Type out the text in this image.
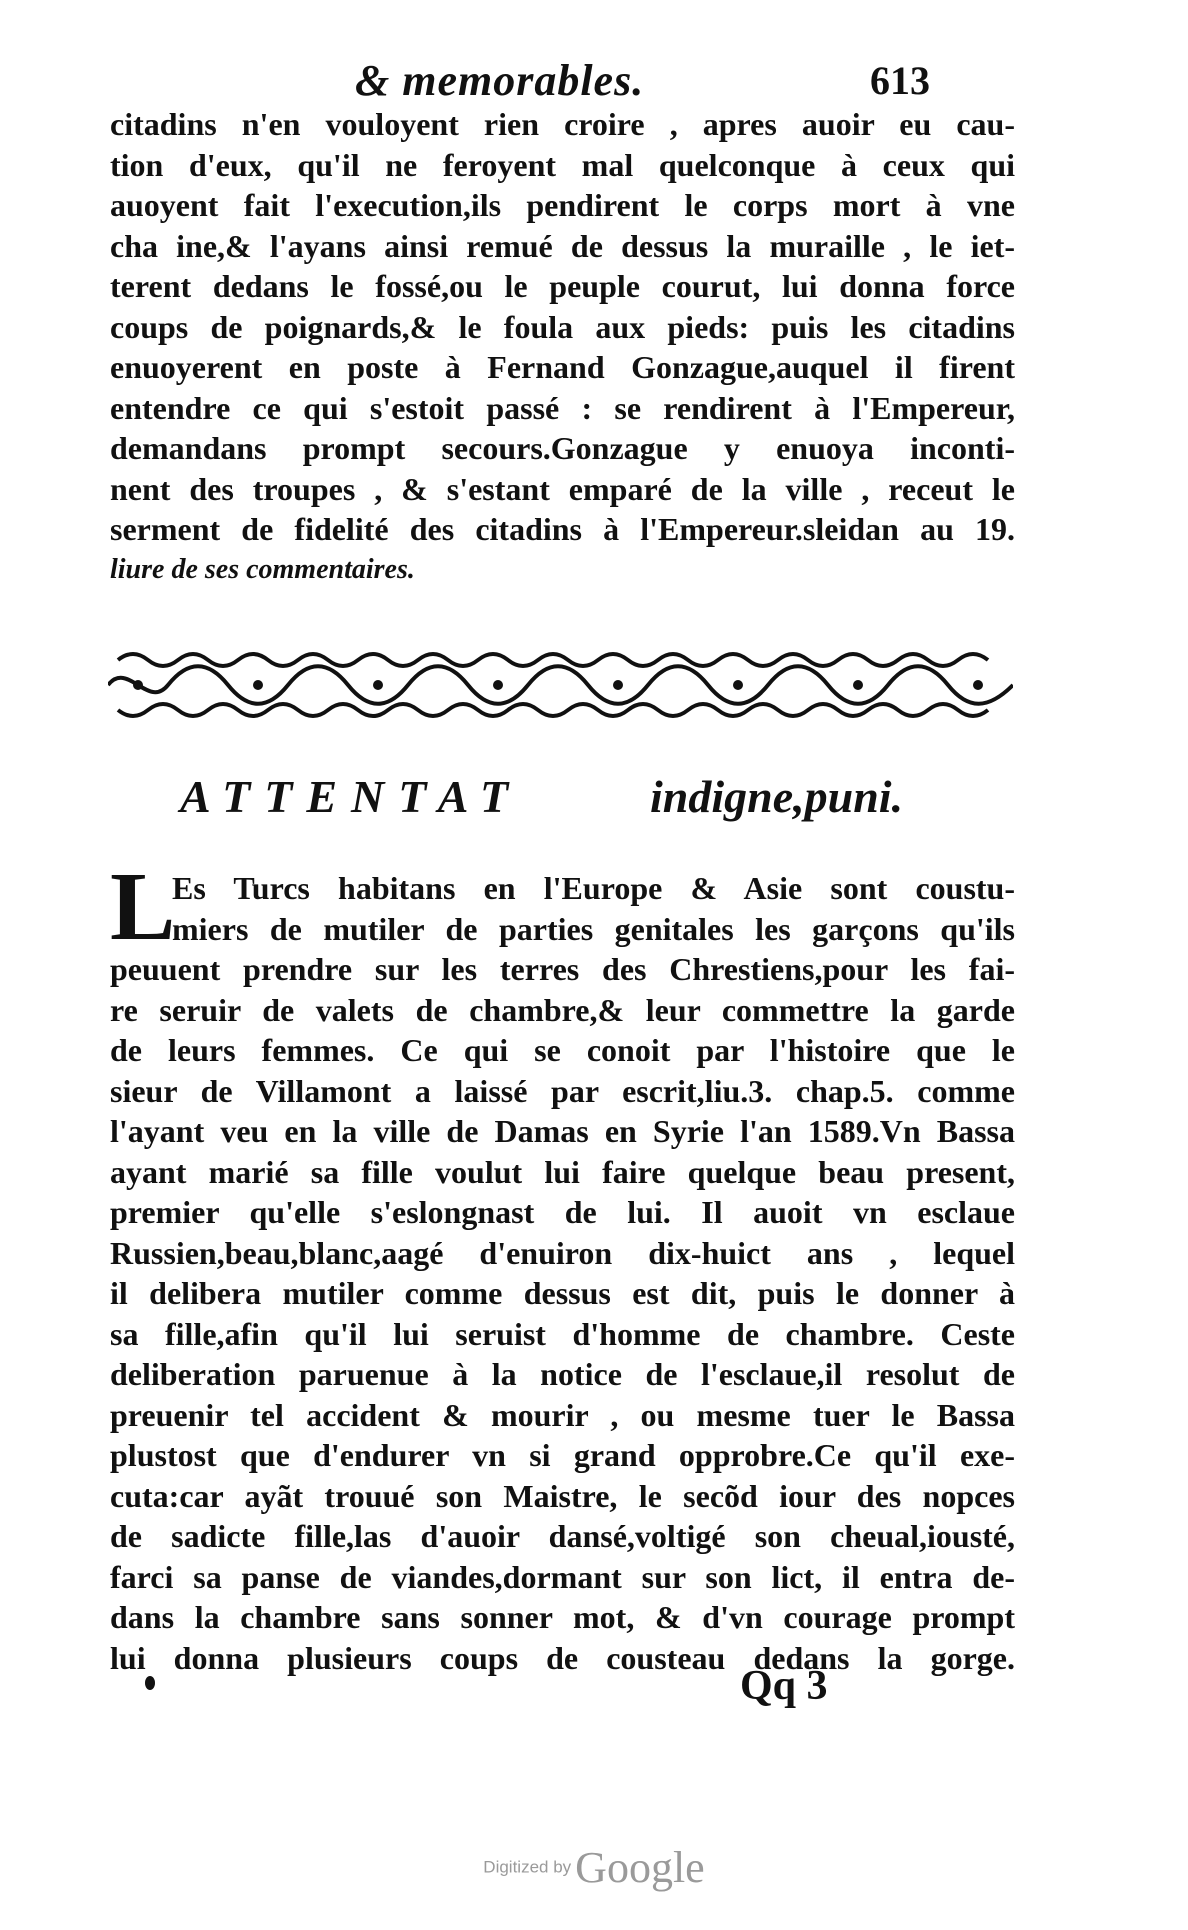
& memorables.	613
citadins n'en vouloyent rien croire , apres auoir eu cau-
tion d'eux, qu'il ne feroyent mal quelconque à ceux qui
auoyent fait l'execution,ils pendirent le corps mort à vne
cha ine,& l'ayans ainsi remué de dessus la muraille , le iet-
terent dedans le fossé,ou le peuple courut, lui donna force
coups de poignards,& le foula aux pieds: puis les citadins
enuoyerent en poste à Fernand Gonzague,auquel il firent
entendre ce qui s'estoit passé : se rendirent à l'Empereur,
demandans prompt secours.Gonzague y enuoya inconti-
nent des troupes , & s'estant emparé de la ville , receut le
serment de fidelité des citadins à l'Empereur.sleidan au 19.
liure de ses commentaires.
ATTENTAT	indigne,puni.
L
Es Turcs habitans en l'Europe & Asie sont coustu-
miers de mutiler de parties genitales les garçons qu'ils
peuuent prendre sur les terres des Chrestiens,pour les fai-
re seruir de valets de chambre,& leur commettre la garde
de leurs femmes. Ce qui se conoit par l'histoire que le
sieur de Villamont a laissé par escrit,liu.3. chap.5. comme
l'ayant veu en la ville de Damas en Syrie l'an 1589.Vn Bassa
ayant marié sa fille voulut lui faire quelque beau present,
premier qu'elle s'eslongnast de lui. Il auoit vn esclaue
Russien,beau,blanc,aagé d'enuiron dix-huict ans , lequel
il delibera mutiler comme dessus est dit, puis le donner à
sa fille,afin qu'il lui seruist d'homme de chambre. Ceste
deliberation paruenue à la notice de l'esclaue,il resolut de
preuenir tel accident & mourir , ou mesme tuer le Bassa
plustost que d'endurer vn si grand opprobre.Ce qu'il exe-
cuta:car ayãt trouué son Maistre, le secõd iour des nopces
de sadicte fille,las d'auoir dansé,voltigé son cheual,iousté,
farci sa panse de viandes,dormant sur son lict, il entra de-
dans la chambre sans sonner mot, & d'vn courage prompt
lui donna plusieurs coups de cousteau dedans la gorge.
Qq 3
Digitized by Google
